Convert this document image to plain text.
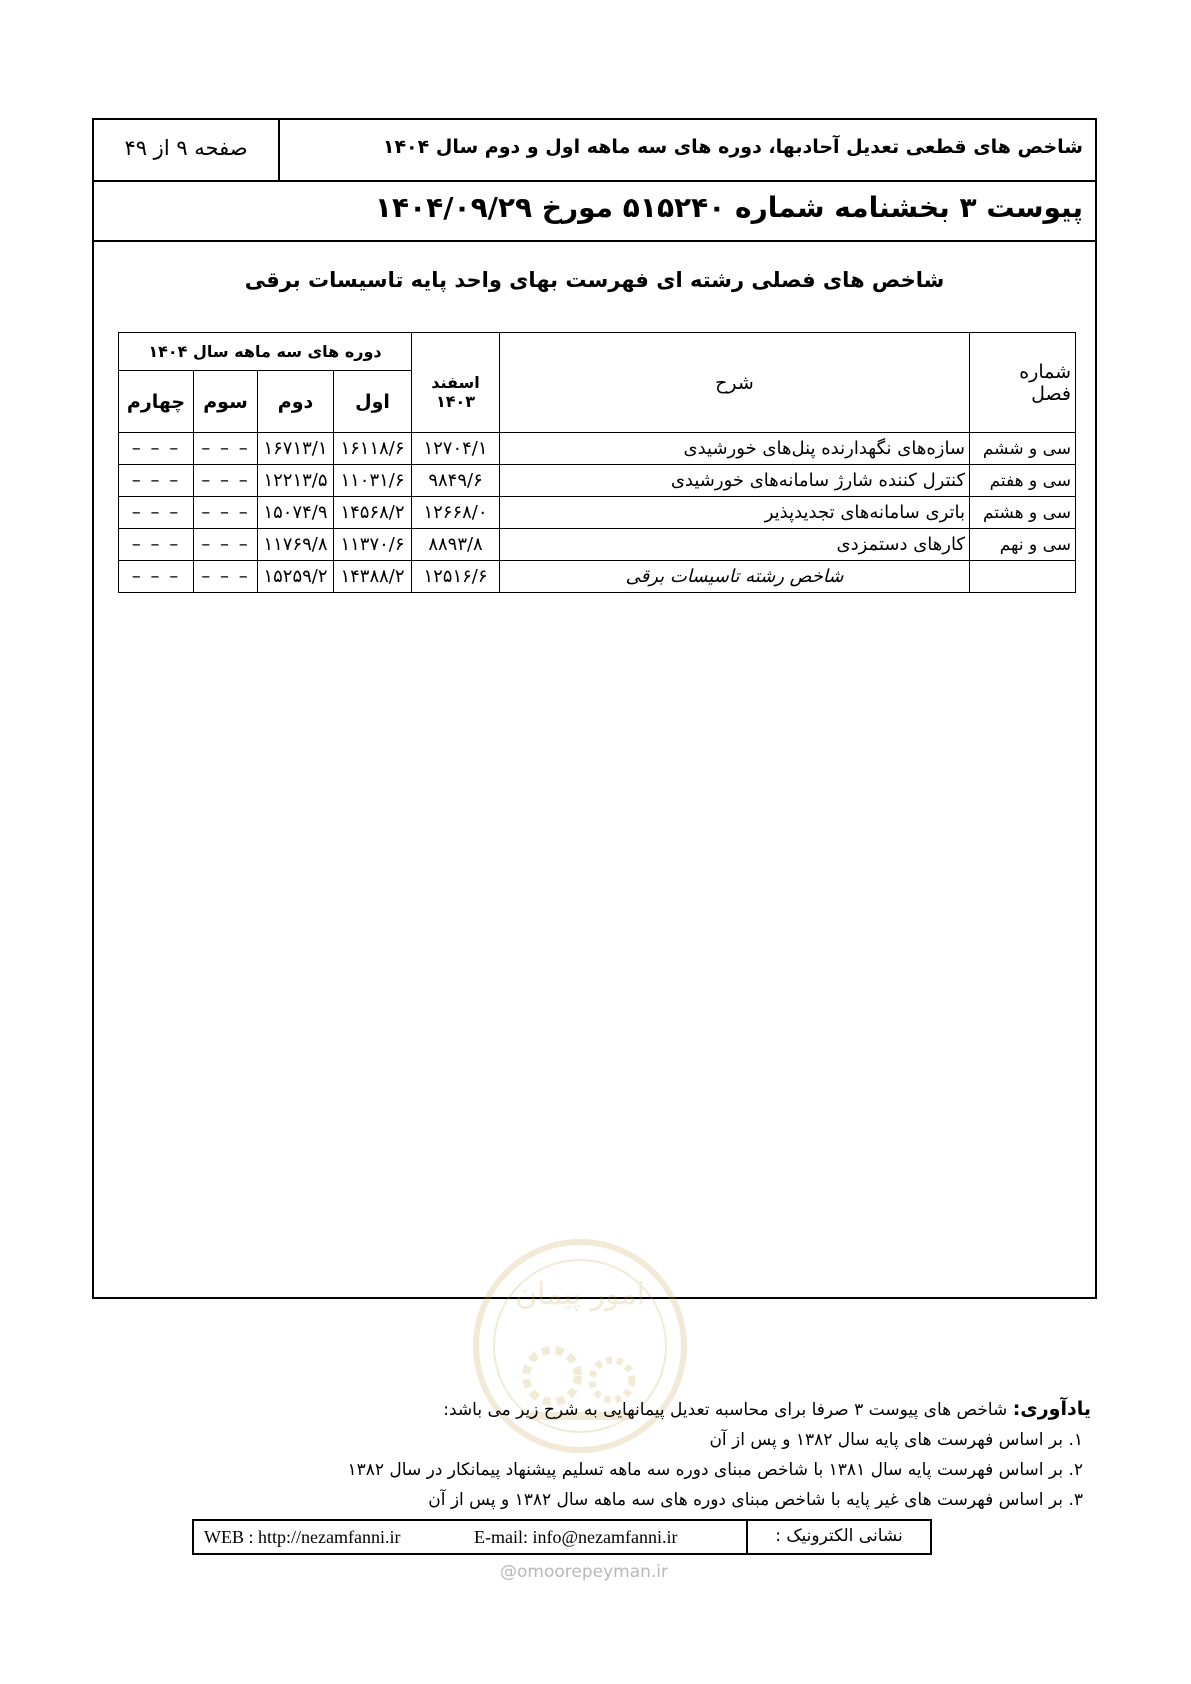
شاخص های قطعی تعدیل آحادبها، دوره های سه ماهه اول و دوم سال ۱۴۰۴
صفحه ۹ از ۴۹
پیوست ۳ بخشنامه شماره ۵۱۵۲۴۰ مورخ ۱۴۰۴/۰۹/۲۹
شاخص های فصلی رشته ای فهرست بهای واحد پایه تاسیسات برقی
شماره فصل	شرح	اسفند ۱۴۰۳	دوره های سه ماهه سال ۱۴۰۴			
			اول	دوم	سوم	چهارم
سی و ششم	سازه‌های نگهدارنده پنل‌های خورشیدی	۱۲۷۰۴/۱	۱۶۱۱۸/۶	۱۶۷۱۳/۱	– – –	– – –
سی و هفتم	کنترل کننده شارژ سامانه‌های خورشیدی	۹۸۴۹/۶	۱۱۰۳۱/۶	۱۲۲۱۳/۵	– – –	– – –
سی و هشتم	باتری سامانه‌های تجدیدپذیر	۱۲۶۶۸/۰	۱۴۵۶۸/۲	۱۵۰۷۴/۹	– – –	– – –
سی و نهم	کارهای دستمزدی	۸۸۹۳/۸	۱۱۳۷۰/۶	۱۱۷۶۹/۸	– – –	– – –
	شاخص رشته تاسیسات برقی	۱۲۵۱۶/۶	۱۴۳۸۸/۲	۱۵۲۵۹/۲	– – –	– – –
امور پیمان
یادآوری: شاخص های پیوست ۳ صرفا برای محاسبه تعدیل پیمانهایی به شرح زیر می باشد:
۱. بر اساس فهرست های پایه سال ۱۳۸۲ و پس از آن
۲. بر اساس فهرست پایه سال ۱۳۸۱ با شاخص مبنای دوره سه ماهه تسلیم پیشنهاد پیمانکار در سال ۱۳۸۲
۳. بر اساس فهرست های غیر پایه با شاخص مبنای دوره های سه ماهه سال ۱۳۸۲ و پس از آن
WEB : http://nezamfanni.ir	E-mail: info@nezamfanni.ir	نشانی الکترونیک :
@omoorepeyman.ir
